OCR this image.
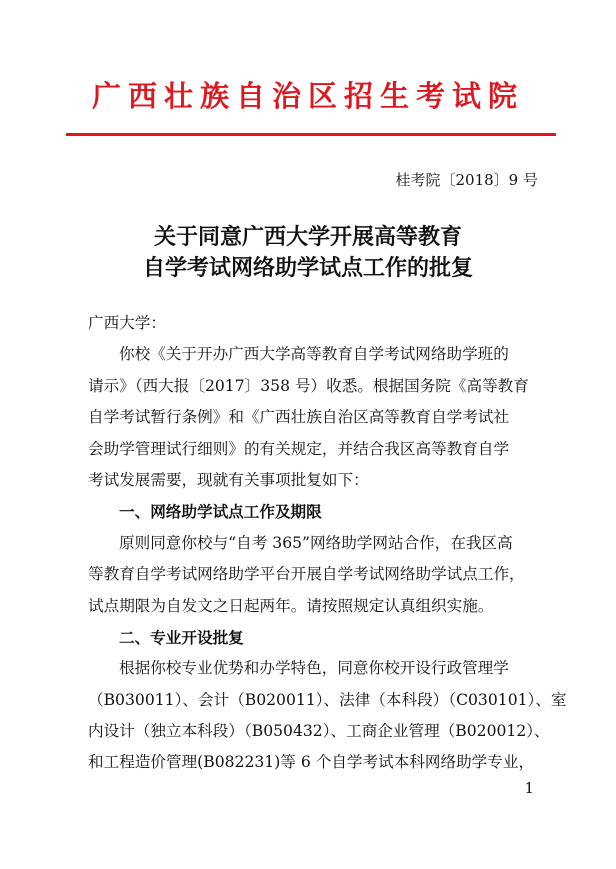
广西壮族自治区招生考试院
桂考院〔2018〕9 号
关于同意广西大学开展高等教育
自学考试网络助学试点工作的批复
广西大学：
你校《关于开办广西大学高等教育自学考试网络助学班的
请示》（西大报〔2017〕358 号）收悉。根据国务院《高等教育
自学考试暂行条例》和《广西壮族自治区高等教育自学考试社
会助学管理试行细则》的有关规定，并结合我区高等教育自学
考试发展需要，现就有关事项批复如下：
一、网络助学试点工作及期限
原则同意你校与“自考 365”网络助学网站合作，在我区高
等教育自学考试网络助学平台开展自学考试网络助学试点工作，
试点期限为自发文之日起两年。请按照规定认真组织实施。
二、专业开设批复
根据你校专业优势和办学特色，同意你校开设行政管理学
（B030011）、会计（B020011）、法律（本科段）（C030101）、室
内设计（独立本科段）（B050432）、工商企业管理（B020012）、
和工程造价管理(B082231)等 6 个自学考试本科网络助学专业，
1
